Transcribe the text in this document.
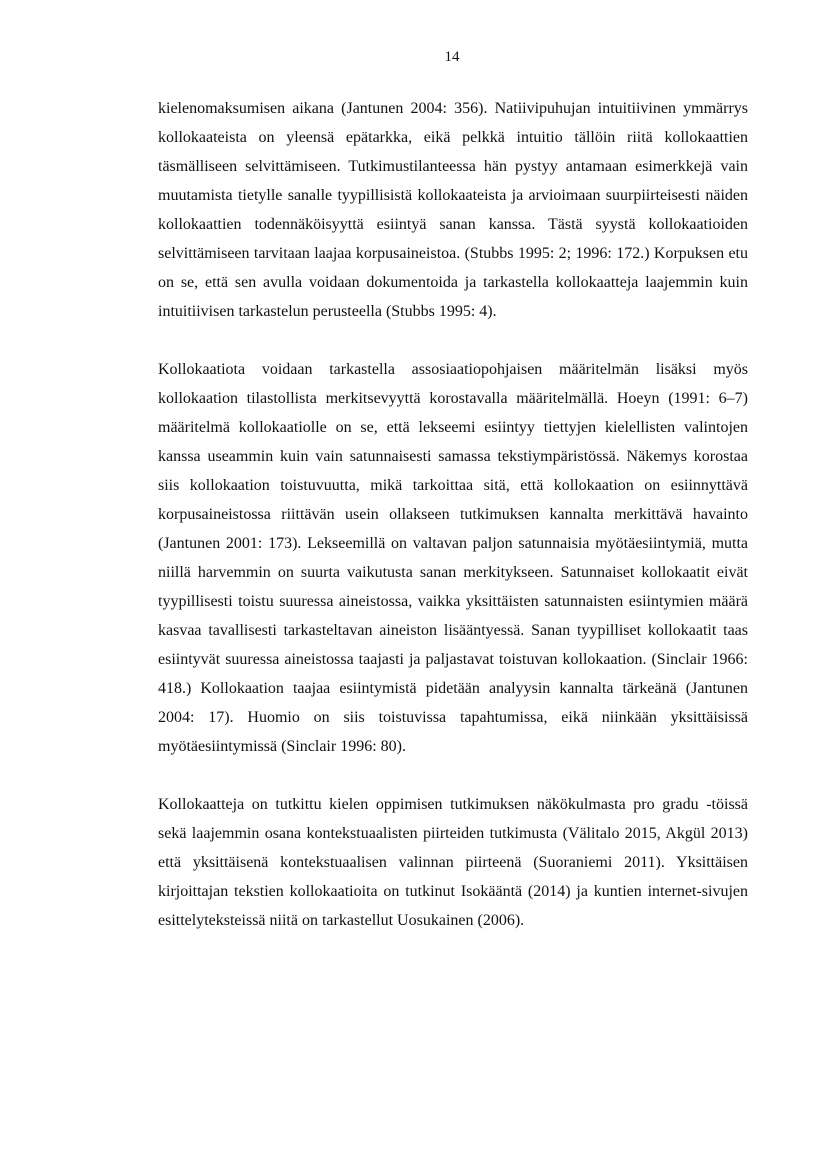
14

kielenomaksumisen aikana (Jantunen 2004: 356). Natiivipuhujan intuitiivinen ymmärrys kollokaateista on yleensä epätarkka, eikä pelkkä intuitio tällöin riitä kollokaattien täsmälliseen selvittämiseen. Tutkimustilanteessa hän pystyy antamaan esimerkkejä vain muutamista tietylle sanalle tyypillisistä kollokaateista ja arvioimaan suurpiirteisesti näiden kollokaattien todennäköisyyttä esiintyä sanan kanssa. Tästä syystä kollokaatioiden selvittämiseen tarvitaan laajaa korpusaineistoa. (Stubbs 1995: 2; 1996: 172.) Korpuksen etu on se, että sen avulla voidaan dokumentoida ja tarkastella kollokaatteja laajemmin kuin intuitiivisen tarkastelun perusteella (Stubbs 1995: 4).

Kollokaatiota voidaan tarkastella assosiaatiopohjaisen määritelmän lisäksi myös kollokaation tilastollista merkitsevyyttä korostavalla määritelmällä. Hoeyn (1991: 6–7) määritelmä kollokaatiolle on se, että lekseemi esiintyy tiettyjen kielellisten valintojen kanssa useammin kuin vain satunnaisesti samassa tekstiympäristössä. Näkemys korostaa siis kollokaation toistuvuutta, mikä tarkoittaa sitä, että kollokaation on esiinnyttävä korpusaineistossa riittävän usein ollakseen tutkimuksen kannalta merkittävä havainto (Jantunen 2001: 173). Lekseemillä on valtavan paljon satunnaisia myötäesiintymiä, mutta niillä harvemmin on suurta vaikutusta sanan merkitykseen. Satunnaiset kollokaatit eivät tyypillisesti toistu suuressa aineistossa, vaikka yksittäisten satunnaisten esiintymien määrä kasvaa tavallisesti tarkasteltavan aineiston lisääntyessä. Sanan tyypilliset kollokaatit taas esiintyvät suuressa aineistossa taajasti ja paljastavat toistuvan kollokaation. (Sinclair 1966: 418.) Kollokaation taajaa esiintymistä pidetään analyysin kannalta tärkeänä (Jantunen 2004: 17). Huomio on siis toistuvissa tapahtumissa, eikä niinkään yksittäisissä myötäesiintymissä (Sinclair 1996: 80).

Kollokaatteja on tutkittu kielen oppimisen tutkimuksen näkökulmasta pro gradu -töissä sekä laajemmin osana kontekstuaalisten piirteiden tutkimusta (Välitalo 2015, Akgül 2013) että yksittäisenä kontekstuaalisen valinnan piirteenä (Suoraniemi 2011). Yksittäisen kirjoittajan tekstien kollokaatioita on tutkinut Isokääntä (2014) ja kuntien internet-sivujen esittelyteksteissä niitä on tarkastellut Uosukainen (2006).
